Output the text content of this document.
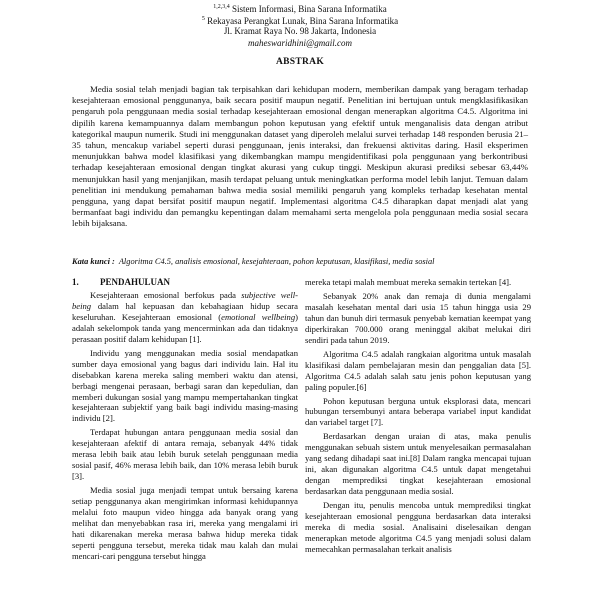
$^{1,2,3,4}$ Sistem Informasi, Bina Sarana Informatika
$^5$ Rekayasa Perangkat Lunak, Bina Sarana Informatika
Jl. Kramat Raya No. 98 Jakarta, Indonesia
maheswaridhini@gmail.com
ABSTRAK
Media sosial telah menjadi bagian tak terpisahkan dari kehidupan modern, memberikan dampak yang beragam terhadap kesejahteraan emosional penggunanya, baik secara positif maupun negatif. Penelitian ini bertujuan untuk mengklasifikasikan pengaruh pola penggunaan media sosial terhadap kesejahteraan emosional dengan menerapkan algoritma C4.5. Algoritma ini dipilih karena kemampuannya dalam membangun pohon keputusan yang efektif untuk menganalisis data dengan atribut kategorikal maupun numerik. Studi ini menggunakan dataset yang diperoleh melalui survei terhadap 148 responden berusia 21–35 tahun, mencakup variabel seperti durasi penggunaan, jenis interaksi, dan frekuensi aktivitas daring. Hasil eksperimen menunjukkan bahwa model klasifikasi yang dikembangkan mampu mengidentifikasi pola penggunaan yang berkontribusi terhadap kesejahteraan emosional dengan tingkat akurasi yang cukup tinggi. Meskipun akurasi prediksi sebesar 63,44% menunjukkan hasil yang menjanjikan, masih terdapat peluang untuk meningkatkan performa model lebih lanjut. Temuan dalam penelitian ini mendukung pemahaman bahwa media sosial memiliki pengaruh yang kompleks terhadap kesehatan mental pengguna, yang dapat bersifat positif maupun negatif. Implementasi algoritma C4.5 diharapkan dapat menjadi alat yang bermanfaat bagi individu dan pemangku kepentingan dalam memahami serta mengelola pola penggunaan media sosial secara lebih bijaksana.
Kata kunci : Algoritma C4.5, analisis emosional, kesejahteraan, pohon keputusan, klasifikasi, media sosial
1.	PENDAHULUAN

Kesejahteraan emosional berfokus pada subjective well-being dalam hal kepuasan dan kebahagiaan hidup secara keseluruhan. Kesejahteraan emosional (emotional wellbeing) adalah sekelompok tanda yang mencerminkan ada dan tidaknya perasaan positif dalam kehidupan [1].

Individu yang menggunakan media sosial mendapatkan sumber daya emosional yang bagus dari individu lain. Hal itu disebabkan karena mereka saling memberi waktu dan atensi, berbagi mengenai perasaan, berbagi saran dan kepedulian, dan memberi dukungan sosial yang mampu mempertahankan tingkat kesejahteraan subjektif yang baik bagi individu masing-masing individu [2].

Terdapat hubungan antara penggunaan media sosial dan kesejahteraan afektif di antara remaja, sebanyak 44% tidak merasa lebih baik atau lebih buruk setelah penggunaan media sosial pasif, 46% merasa lebih baik, dan 10% merasa lebih buruk [3].

Media sosial juga menjadi tempat untuk bersaing karena setiap penggunanya akan mengirimkan informasi kehidupannya melalui foto maupun video hingga ada banyak orang yang melihat dan menyebabkan rasa iri, mereka yang mengalami iri hati dikarenakan mereka merasa bahwa hidup mereka tidak seperti pengguna tersebut, mereka tidak mau kalah dan mulai mencari-cari pengguna tersebut hingga

mereka tetapi malah membuat mereka semakin tertekan [4].

Sebanyak 20% anak dan remaja di dunia mengalami masalah kesehatan mental dari usia 15 tahun hingga usia 29 tahun dan bunuh diri termasuk penyebab kematian keempat yang diperkirakan 700.000 orang meninggal akibat melukai diri sendiri pada tahun 2019.

Algoritma C4.5 adalah rangkaian algoritma untuk masalah klasifikasi dalam pembelajaran mesin dan penggalian data [5]. Algoritma C4.5 adalah salah satu jenis pohon keputusan yang paling populer.[6]

Pohon keputusan berguna untuk eksplorasi data, mencari hubungan tersembunyi antara beberapa variabel input kandidat dan variabel target [7].

Berdasarkan dengan uraian di atas, maka penulis menggunakan sebuah sistem untuk menyelesaikan permasalahan yang sedang dihadapi saat ini.[8] Dalam rangka mencapai tujuan ini, akan digunakan algoritma C4.5 untuk dapat mengetahui dengan memprediksi tingkat kesejahteraan emosional berdasarkan data penggunaan media sosial.

Dengan itu, penulis mencoba untuk memprediksi tingkat kesejahteraan emosional pengguna berdasarkan data interaksi mereka di media sosial. Analisaini diselesaikan dengan menerapkan metode algoritma C4.5 yang menjadi solusi dalam memecahkan permasalahan terkait analisis
